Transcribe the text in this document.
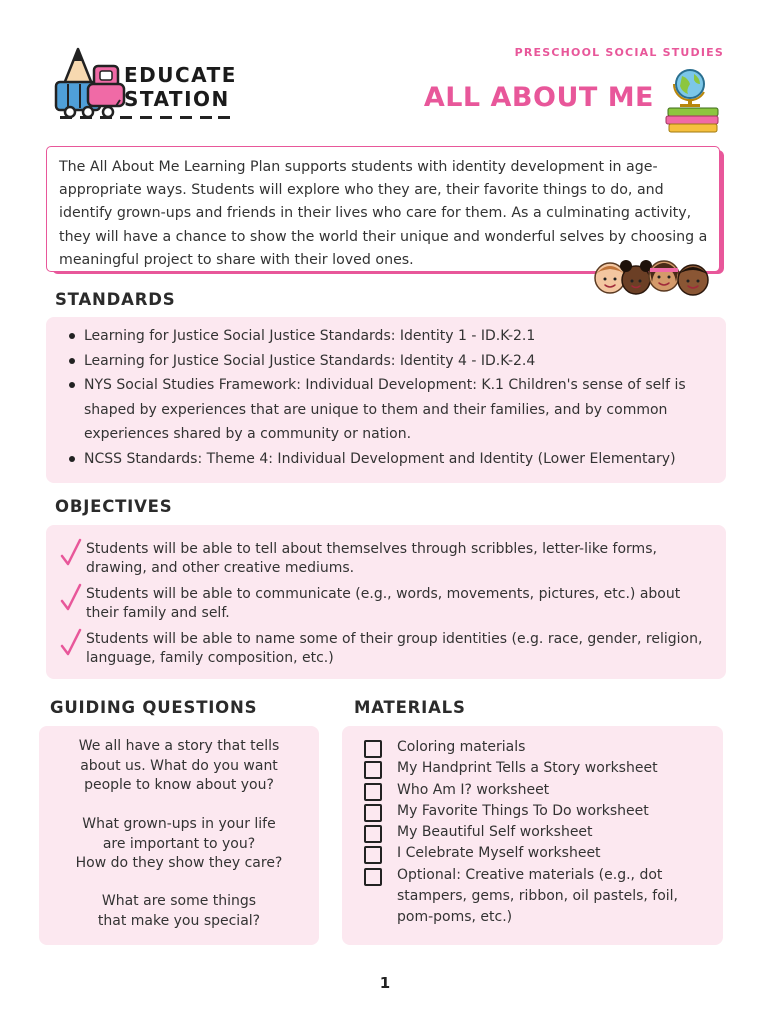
EDUCATE
STATION
PRESCHOOL SOCIAL STUDIES
ALL ABOUT ME
The All About Me Learning Plan supports students with identity development in age-appropriate ways. Students will explore who they are, their favorite things to do, and identify grown-ups and friends in their lives who care for them. As a culminating activity, they will have a chance to show the world their unique and wonderful selves by choosing a meaningful project to share with their loved ones.
STANDARDS
Learning for Justice Social Justice Standards: Identity 1 - ID.K-2.1
Learning for Justice Social Justice Standards: Identity 4 - ID.K-2.4
NYS Social Studies Framework: Individual Development: K.1 Children's sense of self is shaped by experiences that are unique to them and their families, and by common experiences shared by a community or nation.
NCSS Standards: Theme 4: Individual Development and Identity (Lower Elementary)
OBJECTIVES
Students will be able to tell about themselves through scribbles, letter-like forms, drawing, and other creative mediums.
Students will be able to communicate (e.g., words, movements, pictures, etc.) about their family and self.
Students will be able to name some of their group identities (e.g. race, gender, religion, language, family composition, etc.)
GUIDING QUESTIONS
We all have a story that tells
about us. What do you want
people to know about you?
What grown-ups in your life
are important to you?
How do they show they care?
What are some things
that make you special?
MATERIALS
Coloring materials
My Handprint Tells a Story worksheet
Who Am I? worksheet
My Favorite Things To Do worksheet
My Beautiful Self worksheet
I Celebrate Myself worksheet
Optional: Creative materials (e.g., dot stampers, gems, ribbon, oil pastels, foil, pom-poms, etc.)
1
